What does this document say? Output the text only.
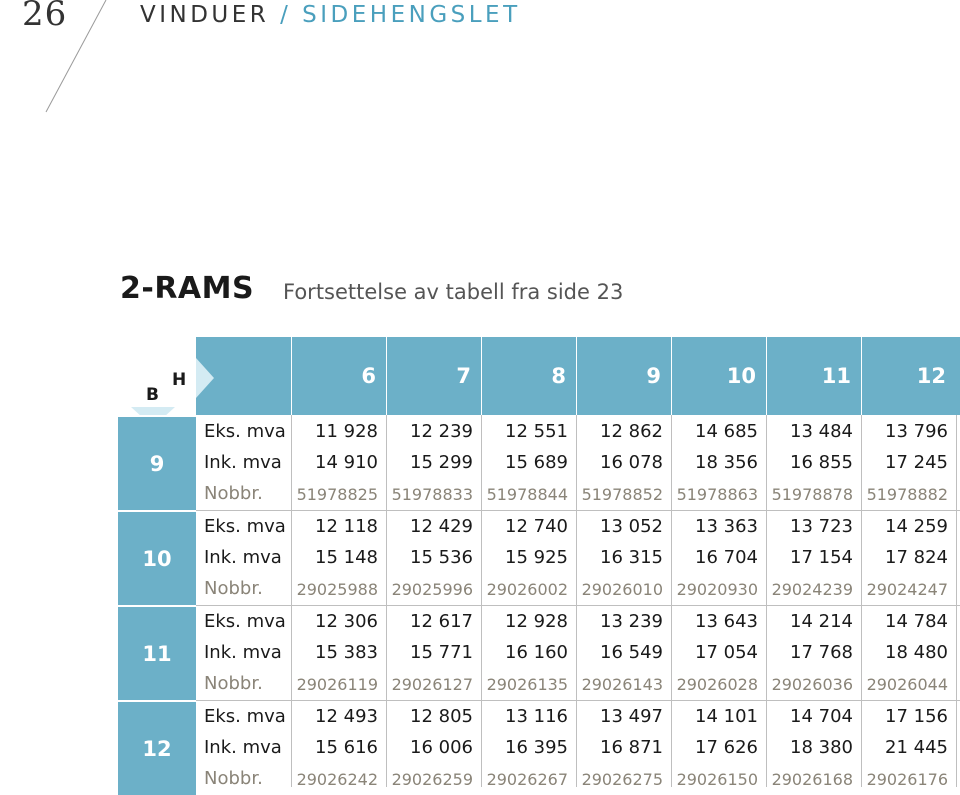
26	VINDUER / SIDEHENGSLET
2-RAMS Fortsettelse av tabell fra side 23
H
B
6	7	8	9	10	11	12
9
Eks. mva	11 928	12 239	12 551	12 862	14 685	13 484	13 796
Ink. mva	14 910	15 299	15 689	16 078	18 356	16 855	17 245
Nobbr. 51978825 51978833 51978844 51978852 51978863 51978878 51978882
10
Eks. mva	12 118	12 429	12 740	13 052	13 363	13 723	14 259
Ink. mva	15 148	15 536	15 925	16 315	16 704	17 154	17 824
Nobbr. 29025988 29025996 29026002 29026010 29020930 29024239 29024247
11
Eks. mva	12 306	12 617	12 928	13 239	13 643	14 214	14 784
Ink. mva	15 383	15 771	16 160	16 549	17 054	17 768	18 480
Nobbr. 29026119 29026127 29026135 29026143 29026028 29026036 29026044
12
Eks. mva	12 493	12 805	13 116	13 497	14 101	14 704	17 156
Ink. mva	15 616	16 006	16 395	16 871	17 626	18 380	21 445
Nobbr. 29026242 29026259 29026267 29026275 29026150 29026168 29026176
